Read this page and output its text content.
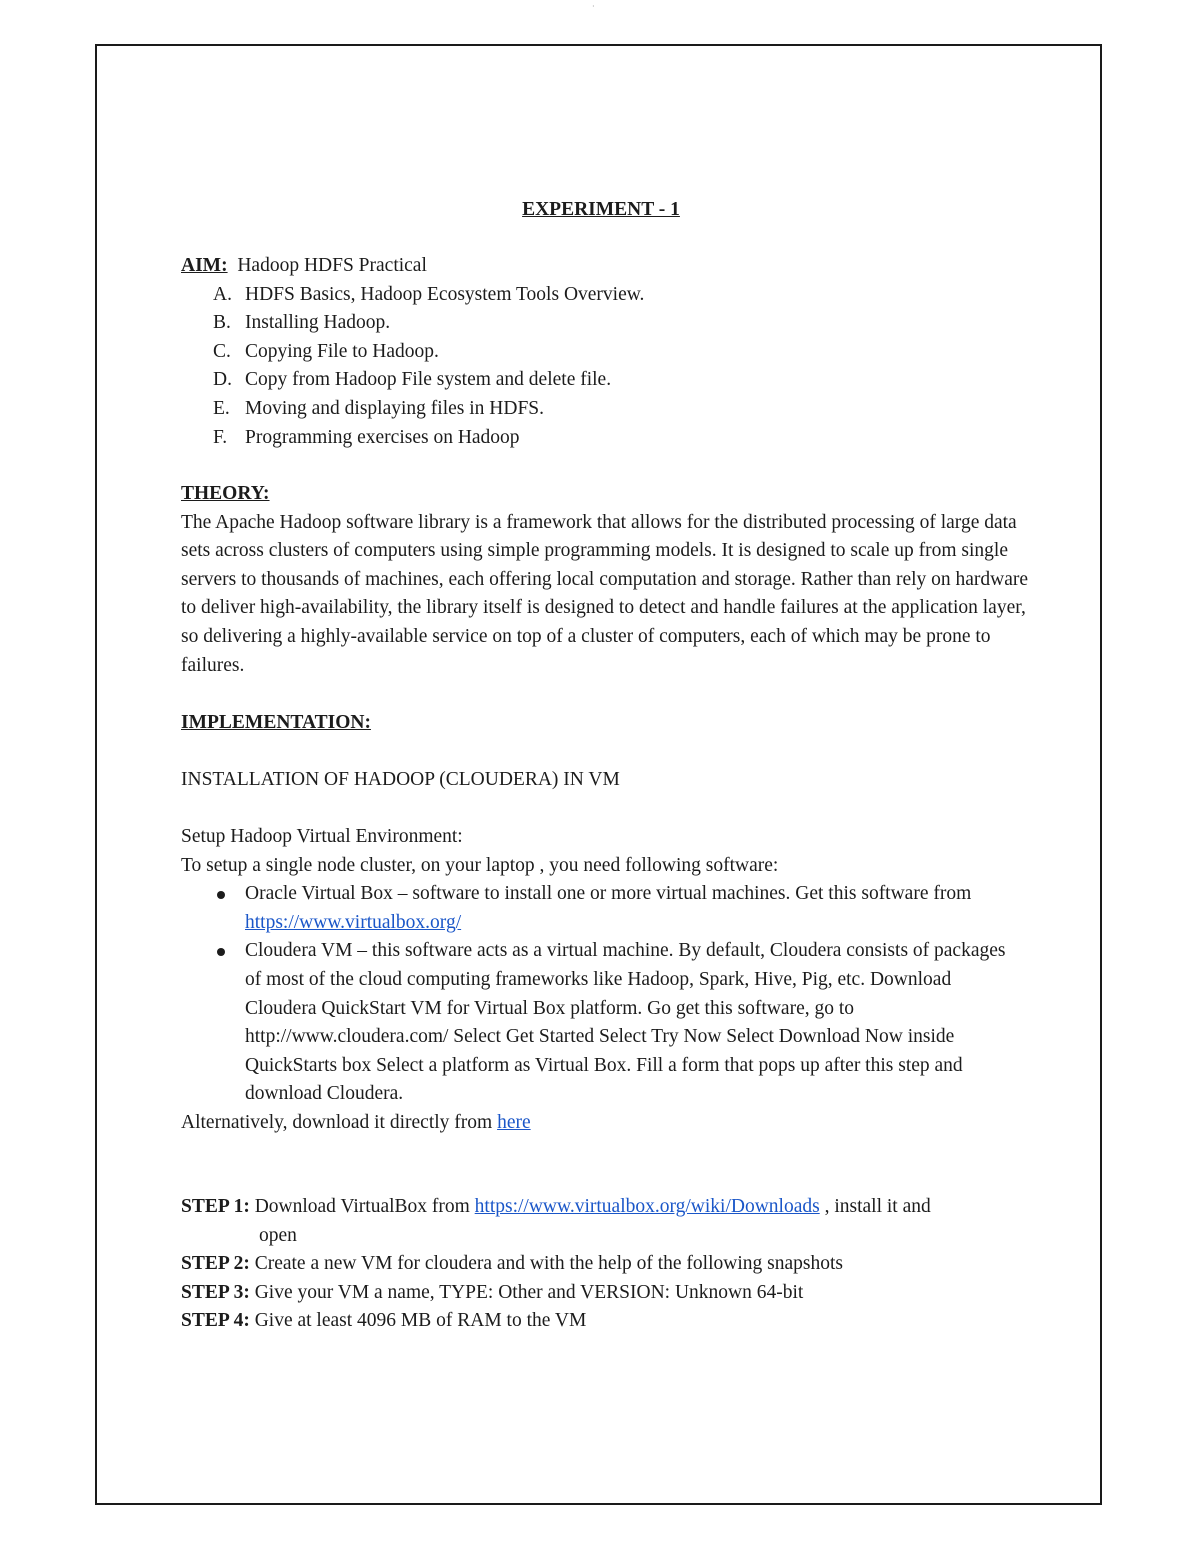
·
EXPERIMENT - 1
AIM: Hadoop HDFS Practical
A. HDFS Basics, Hadoop Ecosystem Tools Overview.
B. Installing Hadoop.
C. Copying File to Hadoop.
D. Copy from Hadoop File system and delete file.
E. Moving and displaying files in HDFS.
F. Programming exercises on Hadoop
THEORY:

The Apache Hadoop software library is a framework that allows for the distributed processing of large data sets across clusters of computers using simple programming models. It is designed to scale up from single servers to thousands of machines, each offering local computation and storage. Rather than rely on hardware to deliver high-availability, the library itself is designed to detect and handle failures at the application layer, so delivering a highly-available service on top of a cluster of computers, each of which may be prone to failures.

IMPLEMENTATION:
INSTALLATION OF HADOOP (CLOUDERA) IN VM
Setup Hadoop Virtual Environment:
To setup a single node cluster, on your laptop , you need following software:
Oracle Virtual Box – software to install one or more virtual machines. Get this software from https://www.virtualbox.org/
Cloudera VM – this software acts as a virtual machine. By default, Cloudera consists of packages of most of the cloud computing frameworks like Hadoop, Spark, Hive, Pig, etc. Download Cloudera QuickStart VM for Virtual Box platform. Go get this software, go to http://www.cloudera.com/ Select Get Started Select Try Now Select Download Now inside QuickStarts box Select a platform as Virtual Box. Fill a form that pops up after this step and download Cloudera.
Alternatively, download it directly from here
STEP 1: Download VirtualBox from https://www.virtualbox.org/wiki/Downloads , install it and
open
STEP 2: Create a new VM for cloudera and with the help of the following snapshots
STEP 3: Give your VM a name, TYPE: Other and VERSION: Unknown 64-bit
STEP 4: Give at least 4096 MB of RAM to the VM
